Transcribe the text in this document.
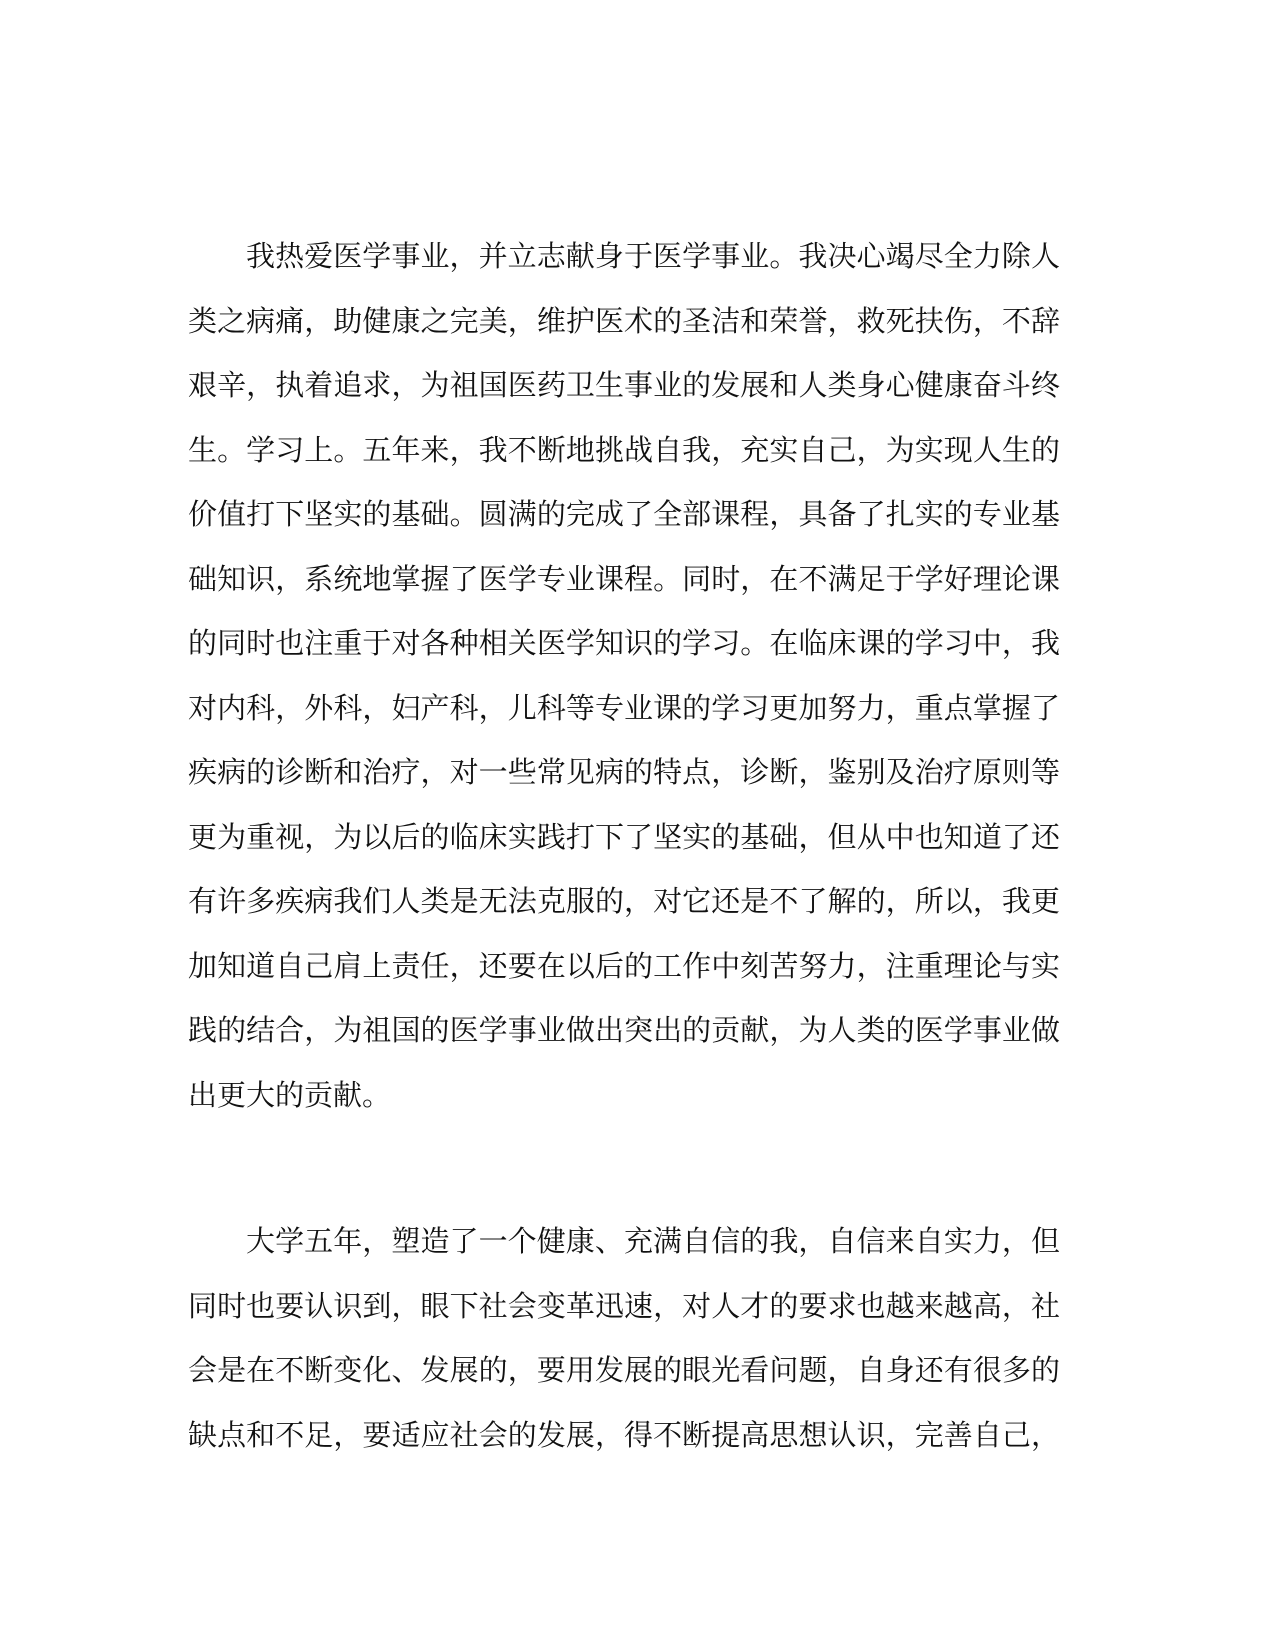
我热爱医学事业，并立志献身于医学事业。我决心竭尽全力除人
类之病痛，助健康之完美，维护医术的圣洁和荣誉，救死扶伤，不辞
艰辛，执着追求，为祖国医药卫生事业的发展和人类身心健康奋斗终
生。学习上。五年来，我不断地挑战自我，充实自己，为实现人生的
价值打下坚实的基础。圆满的完成了全部课程，具备了扎实的专业基
础知识，系统地掌握了医学专业课程。同时，在不满足于学好理论课
的同时也注重于对各种相关医学知识的学习。在临床课的学习中，我
对内科，外科，妇产科，儿科等专业课的学习更加努力，重点掌握了
疾病的诊断和治疗，对一些常见病的特点，诊断，鉴别及治疗原则等
更为重视，为以后的临床实践打下了坚实的基础，但从中也知道了还
有许多疾病我们人类是无法克服的，对它还是不了解的，所以，我更
加知道自己肩上责任，还要在以后的工作中刻苦努力，注重理论与实
践的结合，为祖国的医学事业做出突出的贡献，为人类的医学事业做
出更大的贡献。
大学五年，塑造了一个健康、充满自信的我，自信来自实力，但
同时也要认识到，眼下社会变革迅速，对人才的要求也越来越高，社
会是在不断变化、发展的，要用发展的眼光看问题，自身还有很多的
缺点和不足，要适应社会的发展，得不断提高思想认识，完善自己，
